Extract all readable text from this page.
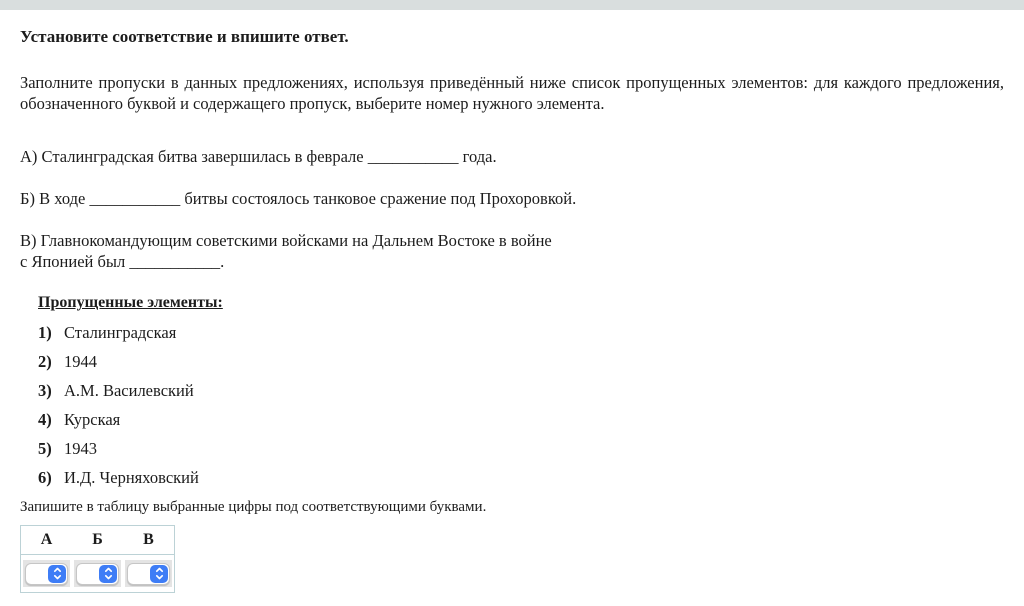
Установите соответствие и впишите ответ.
Заполните пропуски в данных предложениях, используя приведённый ниже список пропущенных элементов: для каждого предложения, обозначенного буквой и содержащего пропуск, выберите номер нужного элемента.
А) Сталинградская битва завершилась в феврале ___________ года.
Б) В ходе ___________ битвы состоялось танковое сражение под Прохоровкой.
В) Главнокомандующим советскими войсками на Дальнем Востоке в войне
с Японией был ___________.
Пропущенные элементы:
1) Сталинградская
2) 1944
3) А.М. Василевский
4) Курская
5) 1943
6) И.Д. Черняховский
Запишите в таблицу выбранные цифры под соответствующими буквами.
А	Б	В
